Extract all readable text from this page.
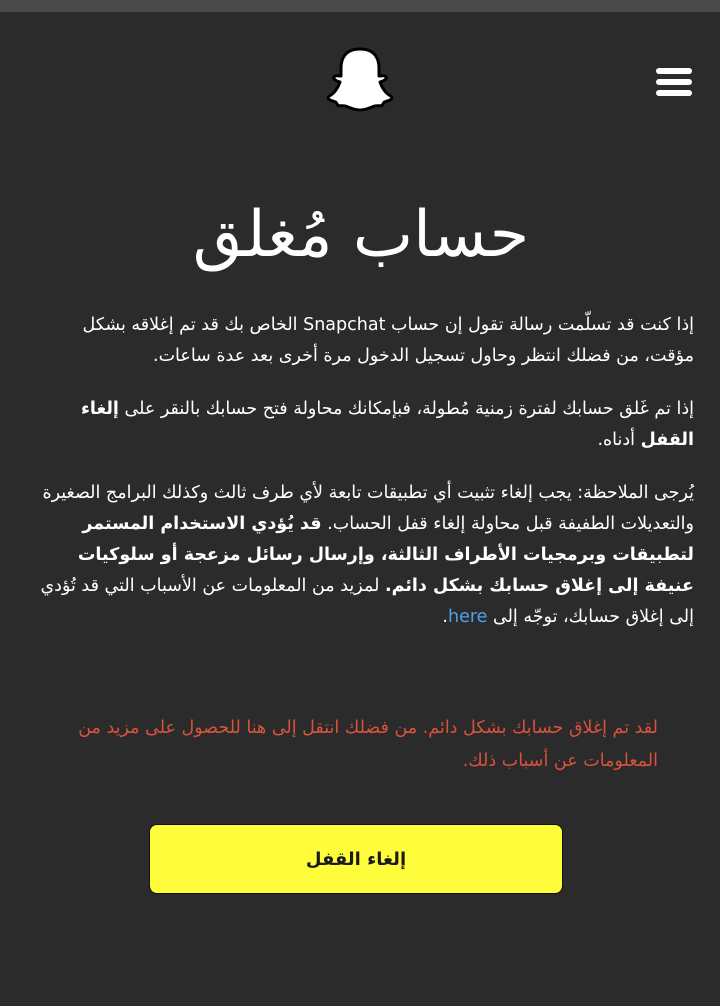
حساب مُغلق

إذا كنت قد تسلّمت رسالة تقول إن حساب Snapchat الخاص بك قد تم إغلاقه بشكل مؤقت، من فضلك انتظر وحاول تسجيل الدخول مرة أخرى بعد عدة ساعات.

إذا تم غَلق حسابك لفترة زمنية مُطولة، فبإمكانك محاولة فتح حسابك بالنقر على إلغاء القفل أدناه.

يُرجى الملاحظة: يجب إلغاء تثبيت أي تطبيقات تابعة لأي طرف ثالث وكذلك البرامج الصغيرة والتعديلات الطفيفة قبل محاولة إلغاء قفل الحساب. قد يُؤدي الاستخدام المستمر لتطبيقات وبرمجيات الأطراف الثالثة، وإرسال رسائل مزعجة أو سلوكيات عنيفة إلى إغلاق حسابك بشكل دائم. لمزيد من المعلومات عن الأسباب التي قد تُؤدي إلى إغلاق حسابك، توجّه إلى here.

لقد تم إغلاق حسابك بشكل دائم. من فضلك انتقل إلى هنا للحصول على مزيد من المعلومات عن أسباب ذلك.
إلغاء القفل
